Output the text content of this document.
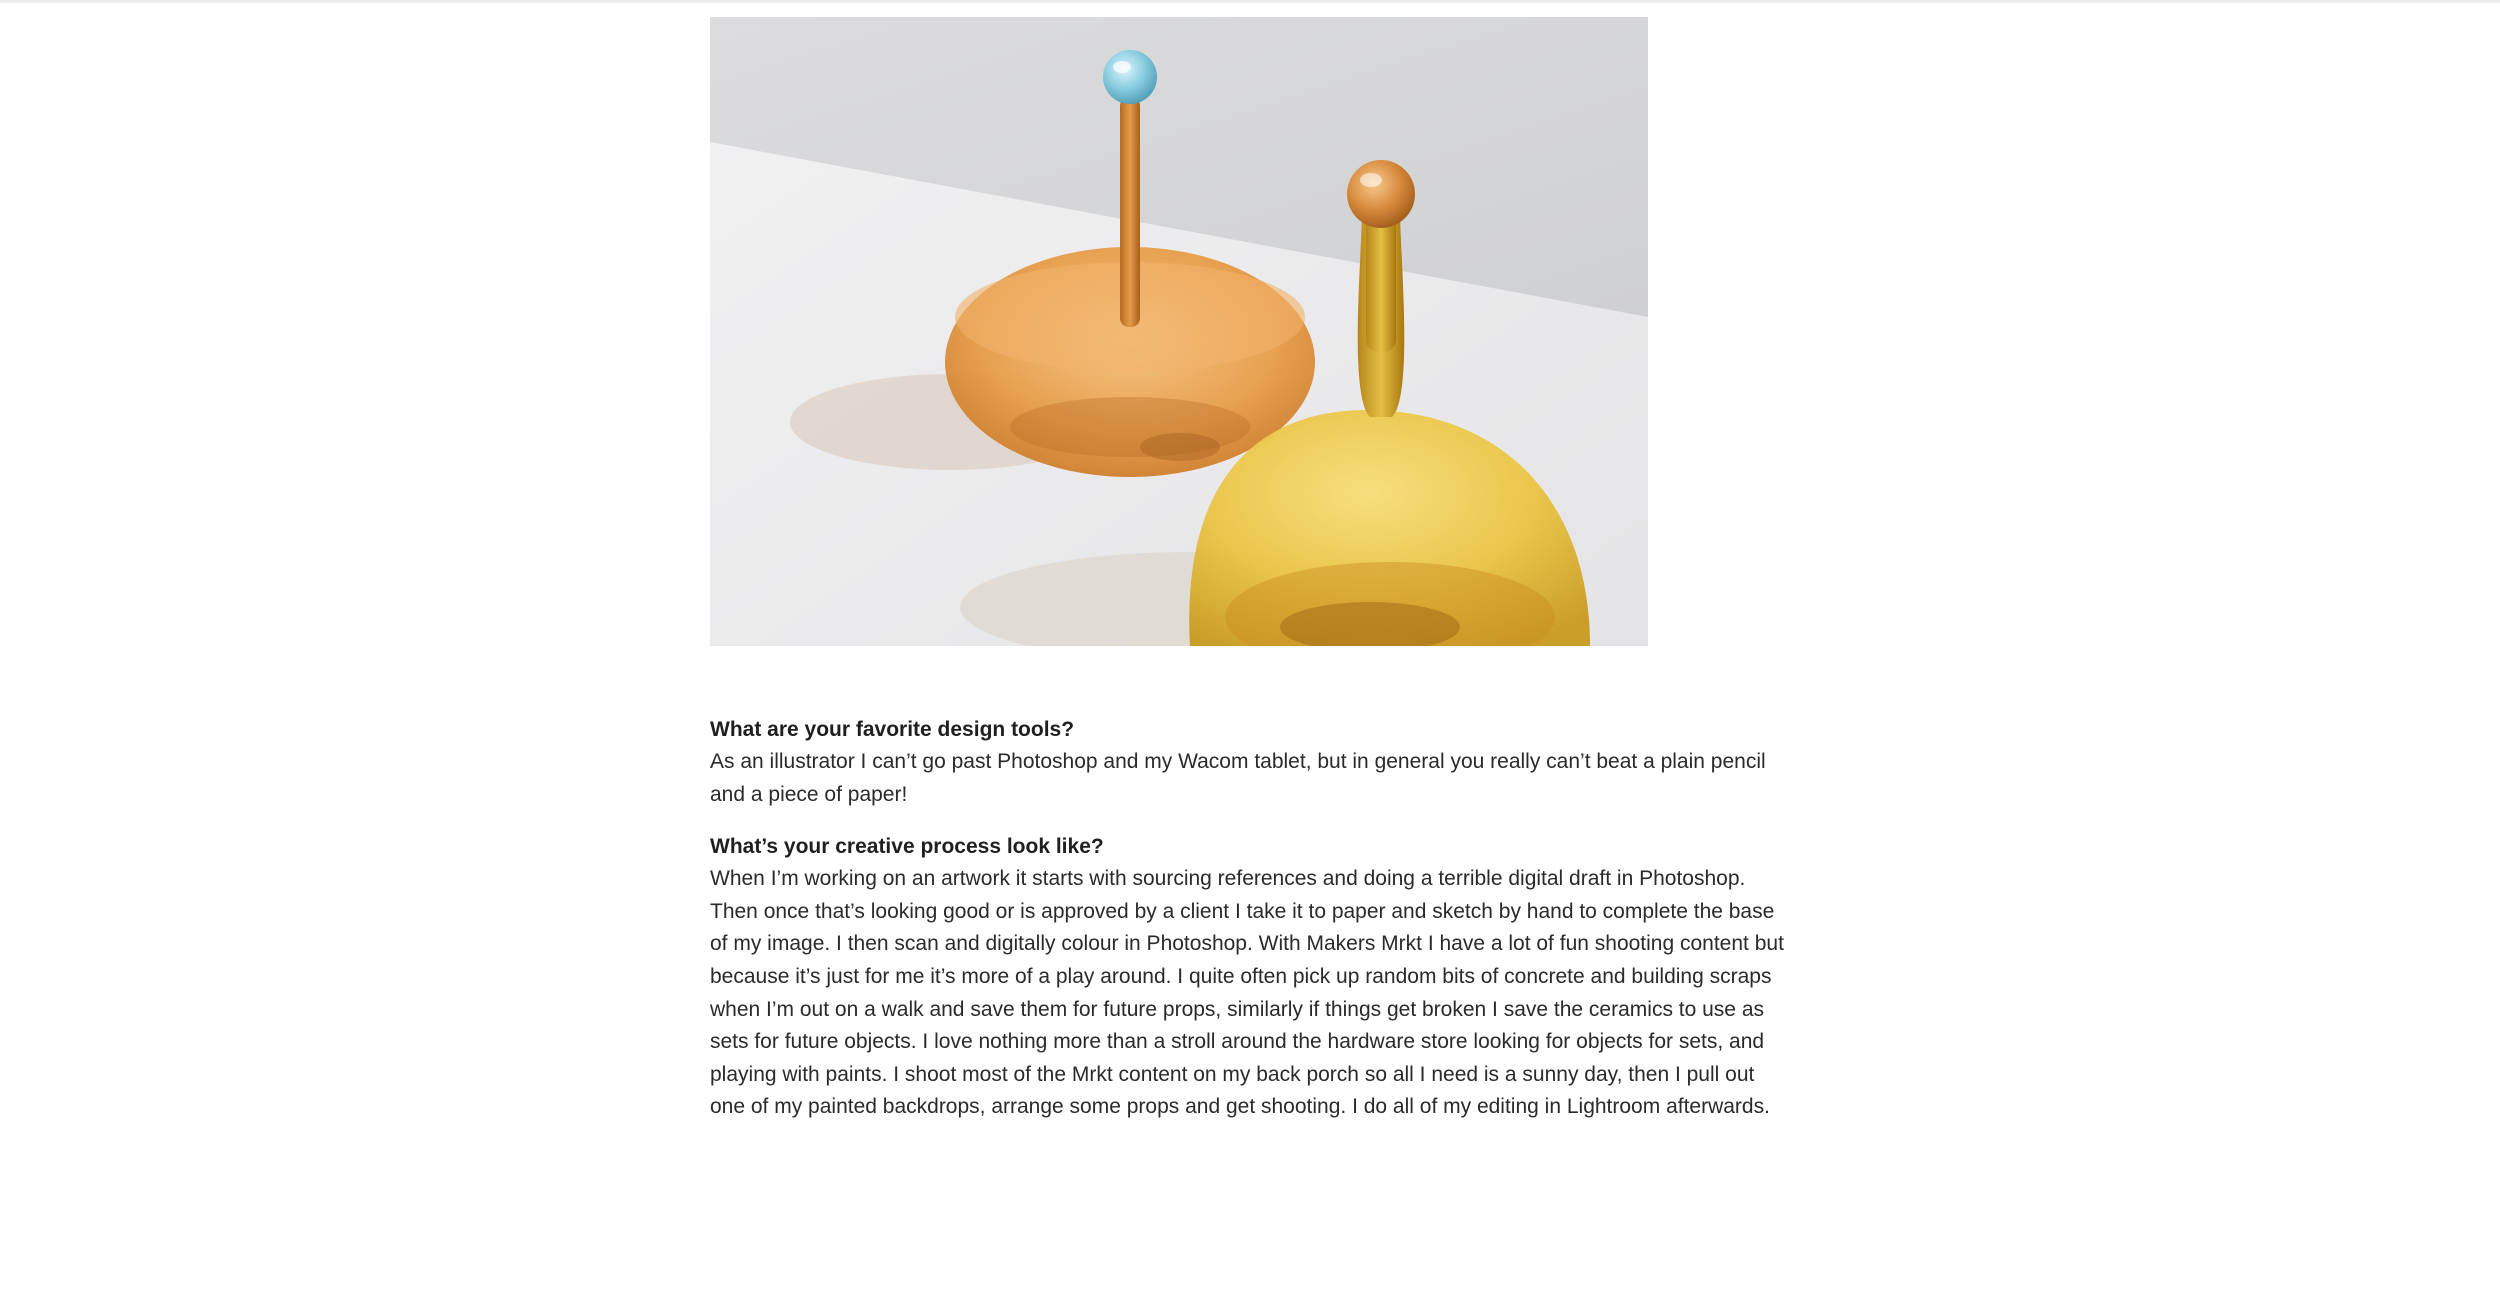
What are your favorite design tools?

As an illustrator I can’t go past Photoshop and my Wacom tablet, but in general you really can’t beat a plain pencil and a piece of paper!

What’s your creative process look like?

When I’m working on an artwork it starts with sourcing references and doing a terrible digital draft in Photoshop. Then once that’s looking good or is approved by a client I take it to paper and sketch by hand to complete the base of my image. I then scan and digitally colour in Photoshop. With Makers Mrkt I have a lot of fun shooting content but because it’s just for me it’s more of a play around. I quite often pick up random bits of concrete and building scraps when I’m out on a walk and save them for future props, similarly if things get broken I save the ceramics to use as sets for future objects. I love nothing more than a stroll around the hardware store looking for objects for sets, and playing with paints. I shoot most of the Mrkt content on my back porch so all I need is a sunny day, then I pull out one of my painted backdrops, arrange some props and get shooting. I do all of my editing in Lightroom afterwards.
